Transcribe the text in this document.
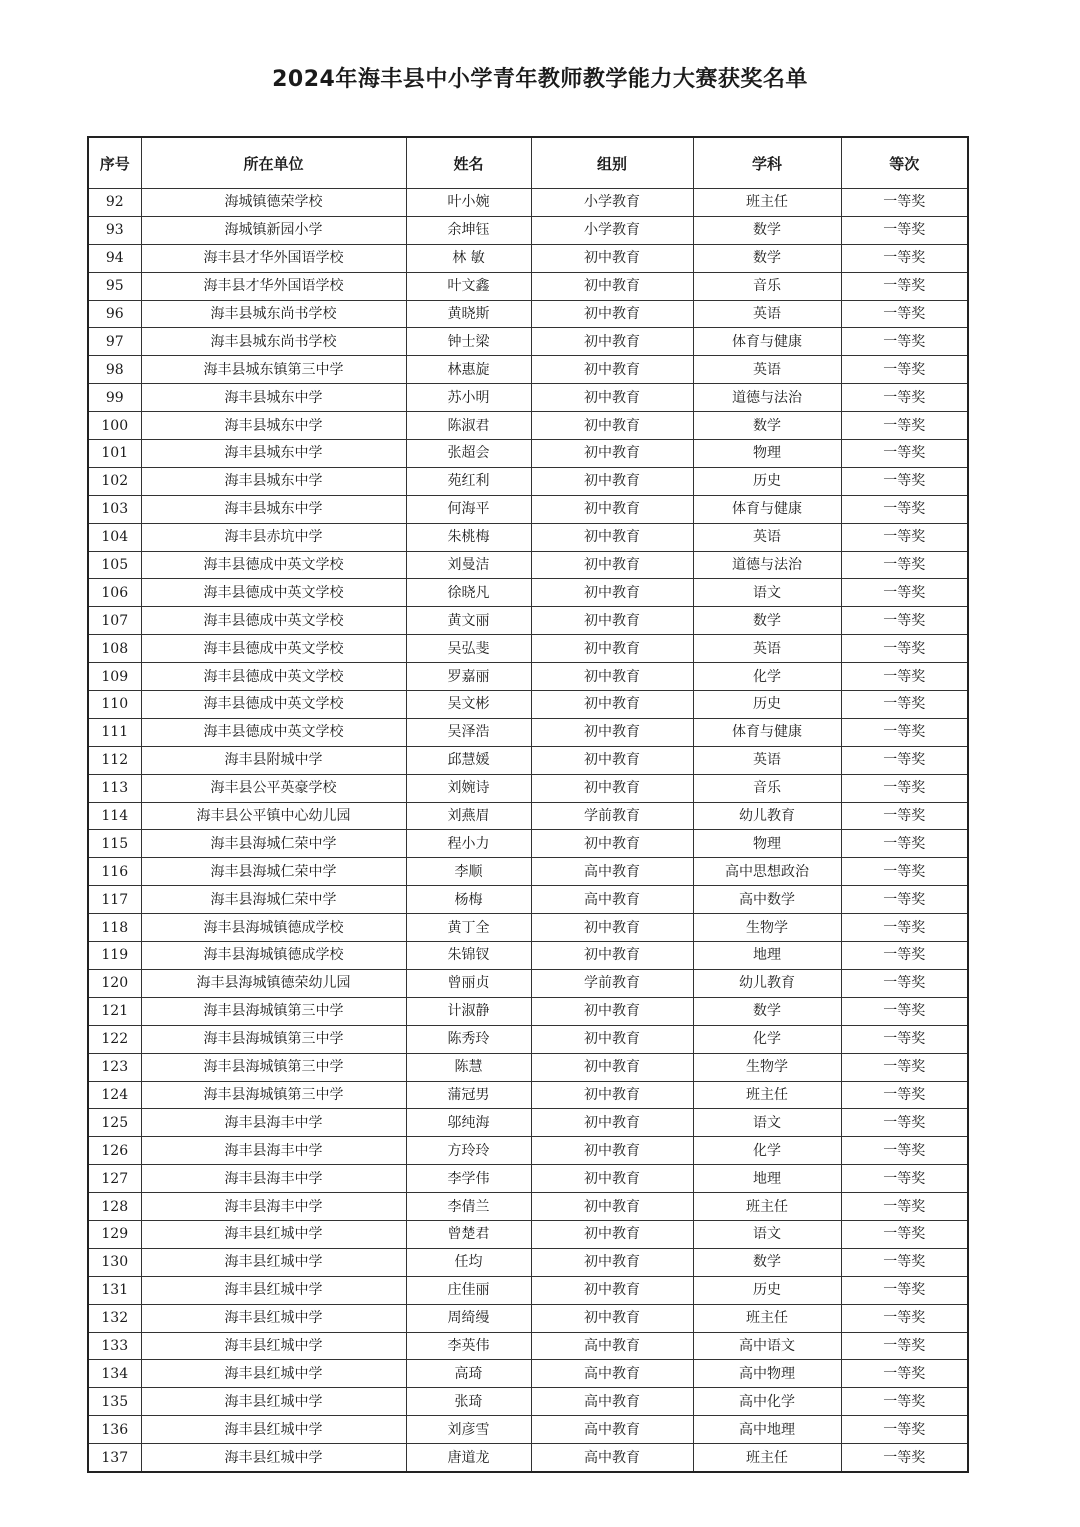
2024年海丰县中小学青年教师教学能力大赛获奖名单
序号	所在单位	姓名	组别	学科	等次
92	海城镇德荣学校	叶小婉	小学教育	班主任	一等奖
93	海城镇新园小学	余坤钰	小学教育	数学	一等奖
94	海丰县才华外国语学校	林 敏	初中教育	数学	一等奖
95	海丰县才华外国语学校	叶文鑫	初中教育	音乐	一等奖
96	海丰县城东尚书学校	黄晓斯	初中教育	英语	一等奖
97	海丰县城东尚书学校	钟士梁	初中教育	体育与健康	一等奖
98	海丰县城东镇第三中学	林惠旋	初中教育	英语	一等奖
99	海丰县城东中学	苏小明	初中教育	道德与法治	一等奖
100	海丰县城东中学	陈淑君	初中教育	数学	一等奖
101	海丰县城东中学	张超会	初中教育	物理	一等奖
102	海丰县城东中学	苑红利	初中教育	历史	一等奖
103	海丰县城东中学	何海平	初中教育	体育与健康	一等奖
104	海丰县赤坑中学	朱桃梅	初中教育	英语	一等奖
105	海丰县德成中英文学校	刘曼洁	初中教育	道德与法治	一等奖
106	海丰县德成中英文学校	徐晓凡	初中教育	语文	一等奖
107	海丰县德成中英文学校	黄文丽	初中教育	数学	一等奖
108	海丰县德成中英文学校	吴弘斐	初中教育	英语	一等奖
109	海丰县德成中英文学校	罗嘉丽	初中教育	化学	一等奖
110	海丰县德成中英文学校	吴文彬	初中教育	历史	一等奖
111	海丰县德成中英文学校	吴泽浩	初中教育	体育与健康	一等奖
112	海丰县附城中学	邱慧媛	初中教育	英语	一等奖
113	海丰县公平英豪学校	刘婉诗	初中教育	音乐	一等奖
114	海丰县公平镇中心幼儿园	刘燕眉	学前教育	幼儿教育	一等奖
115	海丰县海城仁荣中学	程小力	初中教育	物理	一等奖
116	海丰县海城仁荣中学	李顺	高中教育	高中思想政治	一等奖
117	海丰县海城仁荣中学	杨梅	高中教育	高中数学	一等奖
118	海丰县海城镇德成学校	黄丁全	初中教育	生物学	一等奖
119	海丰县海城镇德成学校	朱锦钗	初中教育	地理	一等奖
120	海丰县海城镇德荣幼儿园	曾丽贞	学前教育	幼儿教育	一等奖
121	海丰县海城镇第三中学	计淑静	初中教育	数学	一等奖
122	海丰县海城镇第三中学	陈秀玲	初中教育	化学	一等奖
123	海丰县海城镇第三中学	陈慧	初中教育	生物学	一等奖
124	海丰县海城镇第三中学	蒲冠男	初中教育	班主任	一等奖
125	海丰县海丰中学	邬纯海	初中教育	语文	一等奖
126	海丰县海丰中学	方玲玲	初中教育	化学	一等奖
127	海丰县海丰中学	李学伟	初中教育	地理	一等奖
128	海丰县海丰中学	李倩兰	初中教育	班主任	一等奖
129	海丰县红城中学	曾楚君	初中教育	语文	一等奖
130	海丰县红城中学	任均	初中教育	数学	一等奖
131	海丰县红城中学	庄佳丽	初中教育	历史	一等奖
132	海丰县红城中学	周绮缦	初中教育	班主任	一等奖
133	海丰县红城中学	李英伟	高中教育	高中语文	一等奖
134	海丰县红城中学	高琦	高中教育	高中物理	一等奖
135	海丰县红城中学	张琦	高中教育	高中化学	一等奖
136	海丰县红城中学	刘彦雪	高中教育	高中地理	一等奖
137	海丰县红城中学	唐道龙	高中教育	班主任	一等奖
